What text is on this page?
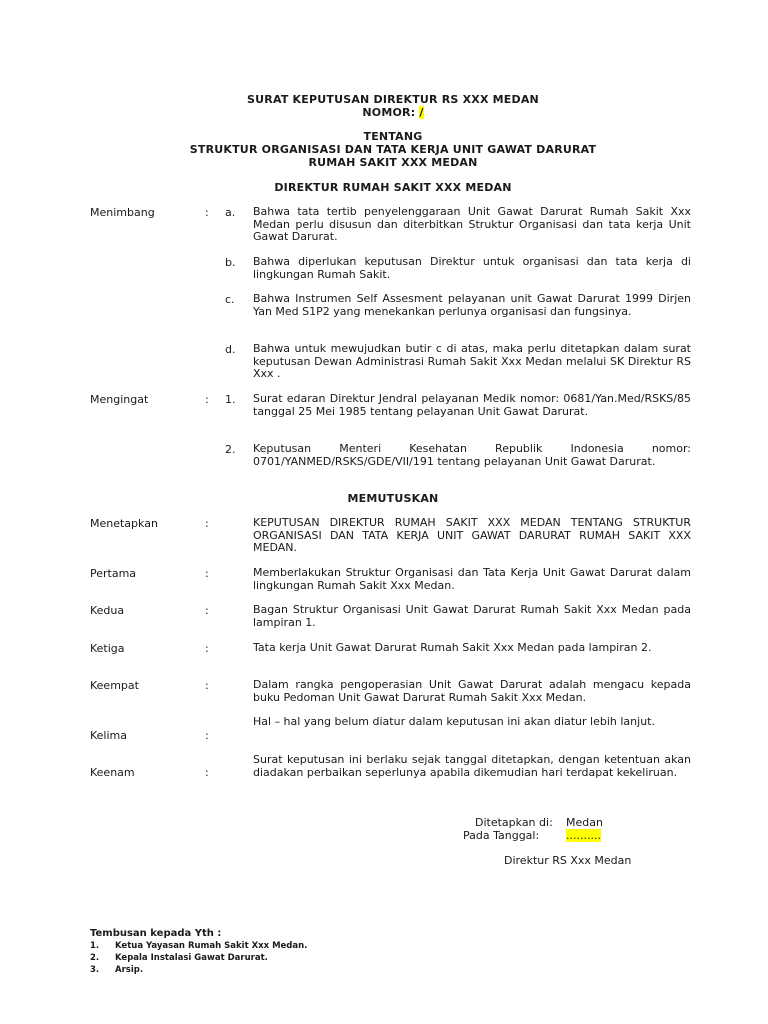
SURAT KEPUTUSAN DIREKTUR RS XXX MEDAN
NOMOR: /
TENTANG
STRUKTUR ORGANISASI DAN TATA KERJA UNIT GAWAT DARURAT
RUMAH SAKIT XXX MEDAN
DIREKTUR RUMAH SAKIT XXX MEDAN
Menimbang	: a. Bahwa tata tertib penyelenggaraan Unit Gawat Darurat Rumah Sakit Xxx Medan perlu disusun dan diterbitkan Struktur Organisasi dan tata kerja Unit Gawat Darurat.
b. Bahwa diperlukan keputusan Direktur untuk organisasi dan tata kerja di lingkungan Rumah Sakit.
c. Bahwa Instrumen Self Assesment pelayanan unit Gawat Darurat 1999 Dirjen Yan Med S1P2 yang menekankan perlunya organisasi dan fungsinya.
d. Bahwa untuk mewujudkan butir c di atas, maka perlu ditetapkan dalam surat keputusan Dewan Administrasi Rumah Sakit Xxx Medan melalui SK Direktur RS Xxx .
Mengingat	: 1. Surat edaran Direktur Jendral pelayanan Medik nomor: 0681/Yan.Med/RSKS/85 tanggal 25 Mei 1985 tentang pelayanan Unit Gawat Darurat.
2. Keputusan Menteri Kesehatan Republik Indonesia nomor: 0701/YANMED/RSKS/GDE/VII/191 tentang pelayanan Unit Gawat Darurat.
MEMUTUSKAN
Menetapkan	:	KEPUTUSAN DIREKTUR RUMAH SAKIT XXX MEDAN TENTANG STRUKTUR ORGANISASI DAN TATA KERJA UNIT GAWAT DARURAT RUMAH SAKIT XXX MEDAN.
Pertama	:	Memberlakukan Struktur Organisasi dan Tata Kerja Unit Gawat Darurat dalam lingkungan Rumah Sakit Xxx Medan.
Kedua	:	Bagan Struktur Organisasi Unit Gawat Darurat Rumah Sakit Xxx Medan pada lampiran 1.
Ketiga	:	Tata kerja Unit Gawat Darurat Rumah Sakit Xxx Medan pada lampiran 2.
Keempat	:	Dalam rangka pengoperasian Unit Gawat Darurat adalah mengacu kepada buku Pedoman Unit Gawat Darurat Rumah Sakit Xxx Medan.
Kelima	:
Hal – hal yang belum diatur dalam keputusan ini akan diatur lebih lanjut.
Keenam	:
Surat keputusan ini berlaku sejak tanggal ditetapkan, dengan ketentuan akan diadakan perbaikan seperlunya apabila dikemudian hari terdapat kekeliruan.
Ditetapkan di: Medan
Pada Tanggal: ..........
Direktur RS Xxx Medan
Tembusan kepada Yth :
1. Ketua Yayasan Rumah Sakit Xxx Medan.
2. Kepala Instalasi Gawat Darurat.
3. Arsip.
